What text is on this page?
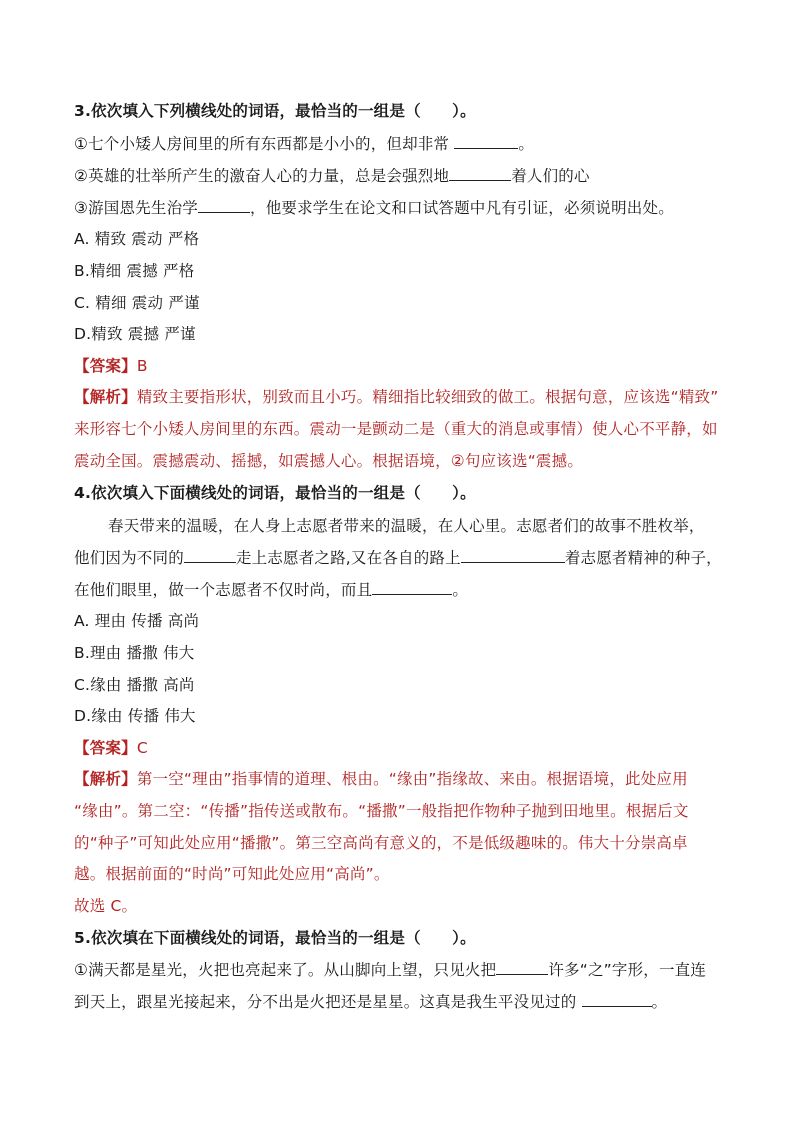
3.依次填入下列横线处的词语，最恰当的一组是（　　）。
①七个小矮人房间里的所有东西都是小小的，但却非常	。
②英雄的壮举所产生的激奋人心的力量，总是会强烈地	着人们的心
③游国恩先生治学	，他要求学生在论文和口试答题中凡有引证，必须说明出处。
A. 精致 震动 严格
B.精细 震撼 严格
C. 精细 震动 严谨
D.精致 震撼 严谨
【答案】B
【解析】精致主要指形状，别致而且小巧。精细指比较细致的做工。根据句意，应该选“精致”
来形容七个小矮人房间里的东西。震动一是颤动二是（重大的消息或事情）使人心不平静，如
震动全国。震撼震动、摇撼，如震撼人心。根据语境，②句应该选“震撼。
4.依次填入下面横线处的词语，最恰当的一组是（　　）。
春天带来的温暖，在人身上志愿者带来的温暖，在人心里。志愿者们的故事不胜枚举，
他们因为不同的	走上志愿者之路,又在各自的路上	着志愿者精神的种子，
在他们眼里，做一个志愿者不仅时尚，而且	。
A. 理由 传播 高尚
B.理由 播撒 伟大
C.缘由 播撒 高尚
D.缘由 传播 伟大
【答案】C
【解析】第一空“理由”指事情的道理、根由。“缘由”指缘故、来由。根据语境，此处应用
“缘由”。第二空：“传播”指传送或散布。“播撒”一般指把作物种子抛到田地里。根据后文
的“种子”可知此处应用“播撒”。第三空高尚有意义的，不是低级趣味的。伟大十分崇高卓
越。根据前面的“时尚”可知此处应用“高尚”。
故选 C。
5.依次填在下面横线处的词语，最恰当的一组是（　　）。
①满天都是星光，火把也亮起来了。从山脚向上望，只见火把	许多“之”字形，一直连
到天上，跟星光接起来，分不出是火把还是星星。这真是我生平没见过的	。
